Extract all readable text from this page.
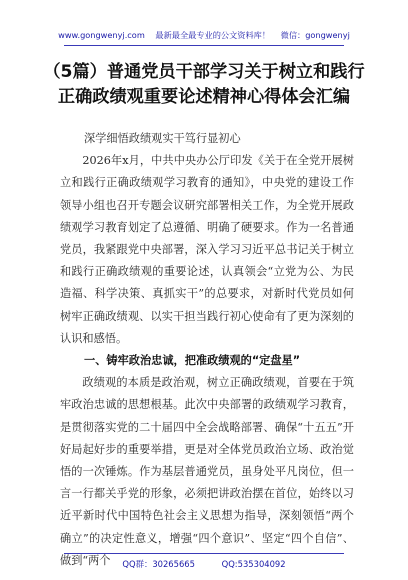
www.gongwenyj.com 最新最全最专业的公文资料库！ 微信：gongwenyj
（5篇）普通党员干部学习关于树立和践行正确政绩观重要论述精神心得体会汇编
深学细悟政绩观实干笃行显初心
2026年x月，中共中央办公厅印发《关于在全党开展树立和践行正确政绩观学习教育的通知》，中央党的建设工作领导小组也召开专题会议研究部署相关工作，为全党开展政绩观学习教育划定了总遵循、明确了硬要求。作为一名普通党员，我紧跟党中央部署，深入学习习近平总书记关于树立和践行正确政绩观的重要论述，认真领会“立党为公、为民造福、科学决策、真抓实干”的总要求，对新时代党员如何树牢正确政绩观、以实干担当践行初心使命有了更为深刻的认识和感悟。
一、铸牢政治忠诚，把准政绩观的“定盘星”
政绩观的本质是政治观，树立正确政绩观，首要在于筑牢政治忠诚的思想根基。此次中央部署的政绩观学习教育，是贯彻落实党的二十届四中全会战略部署、确保“十五五”开好局起好步的重要举措，更是对全体党员政治立场、政治觉悟的一次锤炼。作为基层普通党员，虽身处平凡岗位，但一言一行都关乎党的形象，必须把讲政治摆在首位，始终以习近平新时代中国特色社会主义思想为指导，深刻领悟“两个确立”的决定性意义，增强“四个意识”、坚定“四个自信”、做到“两个	QQ群：30265665	QQ:535304092
